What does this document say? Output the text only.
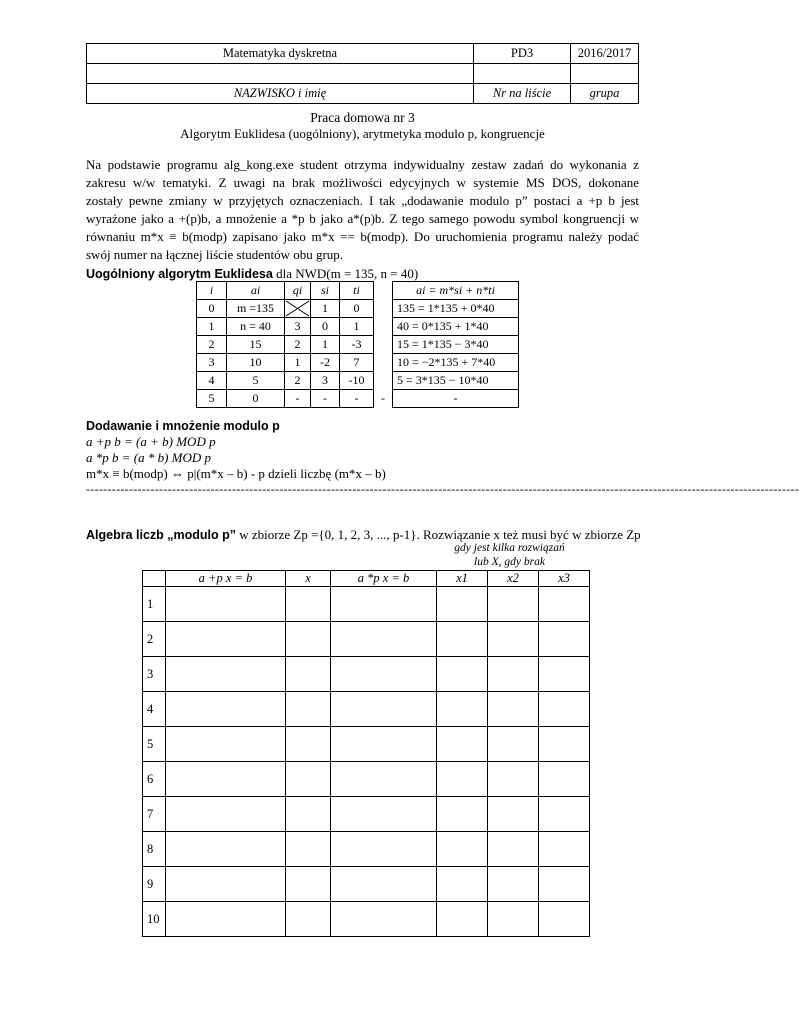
Matematyka dyskretna	PD3	2016/2017

NAZWISKO i imię	Nr na liście	grupa
Praca domowa nr 3
Algorytm Euklidesa (uogólniony), arytmetyka modulo p, kongruencje
Na podstawie programu alg_kong.exe student otrzyma indywidualny zestaw zadań do wykonania z
zakresu w/w tematyki. Z uwagi na brak możliwości edycyjnych w systemie MS DOS, dokonane
zostały pewne zmiany w przyjętych oznaczeniach. I tak „dodawanie modulo p” postaci a +p b jest
wyrażone jako a +(p)b, a mnożenie a *p b jako a*(p)b. Z tego samego powodu symbol kongruencji w
równaniu m*x ≡ b(modp) zapisano jako m*x == b(modp). Do uruchomienia programu należy podać
swój numer na łącznej liście studentów obu grup.
Uogólniony algorytm Euklidesa dla NWD(m = 135, n = 40)
i	ai	qi	si	ti		ai = m*si + n*ti
0	m =135		1	0		135 = 1*135 + 0*40
1	n = 40	3	0	1		40 = 0*135 + 1*40
2	15	2	1	-3		15 = 1*135 − 3*40
3	10	1	-2	7		10 = −2*135 + 7*40
4	5	2	3	-10		5 = 3*135 − 10*40
5	0	-	-	-	-	-
Dodawanie i mnożenie modulo p
a +p b = (a + b) MOD p
a *p b = (a * b) MOD p
m*x ≡ b(modp) ⇔ p|(m*x – b) - p dzieli liczbę (m*x – b)
----------------------------------------------------------------------------------------------------------------------------------------------------------------------
Algebra liczb „modulo p” w zbiorze Zp ={0, 1, 2, 3, ..., p-1}. Rozwiązanie x też musi być w zbiorze Zp
gdy jest kilka rozwiązań
lub X, gdy brak
	a +p x = b	x	a *p x = b	x1	x2	x3
1						
2						
3						
4						
5						
6						
7						
8						
9						
10						
